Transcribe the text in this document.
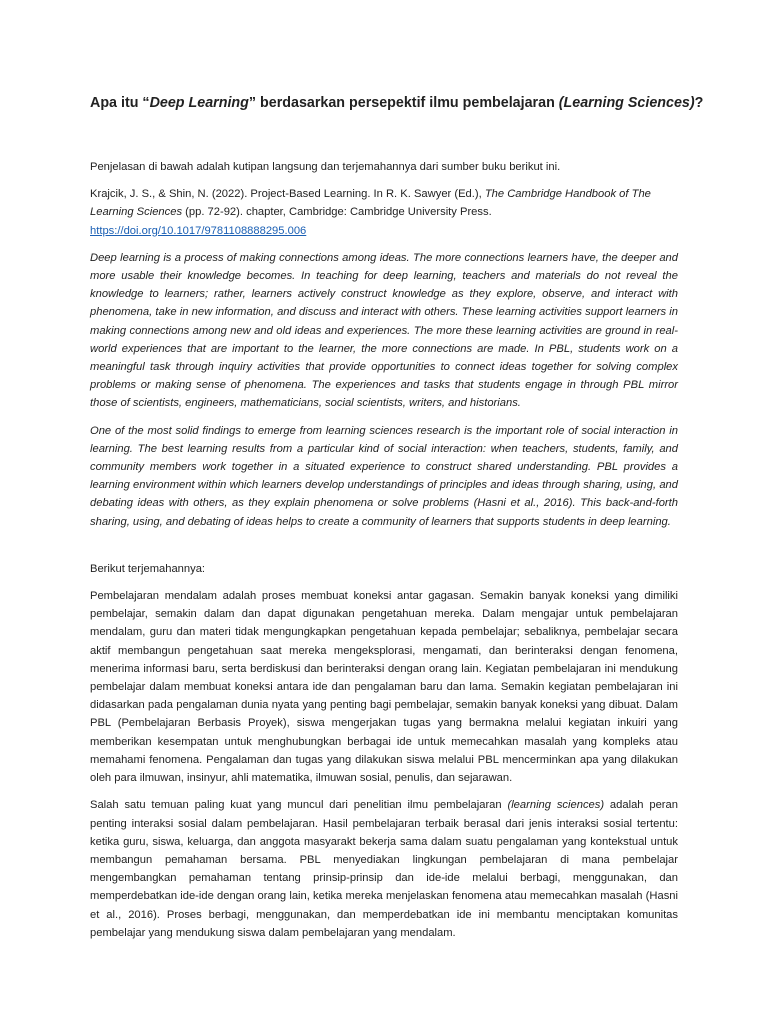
Apa itu “Deep Learning” berdasarkan persepektif ilmu pembelajaran (Learning Sciences)?

Penjelasan di bawah adalah kutipan langsung dan terjemahannya dari sumber buku berikut ini.

Krajcik, J. S., & Shin, N. (2022). Project-Based Learning. In R. K. Sawyer (Ed.), The Cambridge Handbook of The Learning Sciences (pp. 72-92). chapter, Cambridge: Cambridge University Press.
https://doi.org/10.1017/9781108888295.006

Deep learning is a process of making connections among ideas. The more connections learners have, the deeper and more usable their knowledge becomes. In teaching for deep learning, teachers and materials do not reveal the knowledge to learners; rather, learners actively construct knowledge as they explore, observe, and interact with phenomena, take in new information, and discuss and interact with others. These learning activities support learners in making connections among new and old ideas and experiences. The more these learning activities are ground in real-world experiences that are important to the learner, the more connections are made. In PBL, students work on a meaningful task through inquiry activities that provide opportunities to connect ideas together for solving complex problems or making sense of phenomena. The experiences and tasks that students engage in through PBL mirror those of scientists, engineers, mathematicians, social scientists, writers, and historians.

One of the most solid findings to emerge from learning sciences research is the important role of social interaction in learning. The best learning results from a particular kind of social interaction: when teachers, students, family, and community members work together in a situated experience to construct shared understanding. PBL provides a learning environment within which learners develop understandings of principles and ideas through sharing, using, and debating ideas with others, as they explain phenomena or solve problems (Hasni et al., 2016). This back-and-forth sharing, using, and debating of ideas helps to create a community of learners that supports students in deep learning.

Berikut terjemahannya:

Pembelajaran mendalam adalah proses membuat koneksi antar gagasan. Semakin banyak koneksi yang dimiliki pembelajar, semakin dalam dan dapat digunakan pengetahuan mereka. Dalam mengajar untuk pembelajaran mendalam, guru dan materi tidak mengungkapkan pengetahuan kepada pembelajar; sebaliknya, pembelajar secara aktif membangun pengetahuan saat mereka mengeksplorasi, mengamati, dan berinteraksi dengan fenomena, menerima informasi baru, serta berdiskusi dan berinteraksi dengan orang lain. Kegiatan pembelajaran ini mendukung pembelajar dalam membuat koneksi antara ide dan pengalaman baru dan lama. Semakin kegiatan pembelajaran ini didasarkan pada pengalaman dunia nyata yang penting bagi pembelajar, semakin banyak koneksi yang dibuat. Dalam PBL (Pembelajaran Berbasis Proyek), siswa mengerjakan tugas yang bermakna melalui kegiatan inkuiri yang memberikan kesempatan untuk menghubungkan berbagai ide untuk memecahkan masalah yang kompleks atau memahami fenomena. Pengalaman dan tugas yang dilakukan siswa melalui PBL mencerminkan apa yang dilakukan oleh para ilmuwan, insinyur, ahli matematika, ilmuwan sosial, penulis, dan sejarawan.

Salah satu temuan paling kuat yang muncul dari penelitian ilmu pembelajaran (learning sciences) adalah peran penting interaksi sosial dalam pembelajaran. Hasil pembelajaran terbaik berasal dari jenis interaksi sosial tertentu: ketika guru, siswa, keluarga, dan anggota masyarakt bekerja sama dalam suatu pengalaman yang kontekstual untuk membangun pemahaman bersama. PBL menyediakan lingkungan pembelajaran di mana pembelajar mengembangkan pemahaman tentang prinsip-prinsip dan ide-ide melalui berbagi, menggunakan, dan memperdebatkan ide-ide dengan orang lain, ketika mereka menjelaskan fenomena atau memecahkan masalah (Hasni et al., 2016). Proses berbagi, menggunakan, dan memperdebatkan ide ini membantu menciptakan komunitas pembelajar yang mendukung siswa dalam pembelajaran yang mendalam.
